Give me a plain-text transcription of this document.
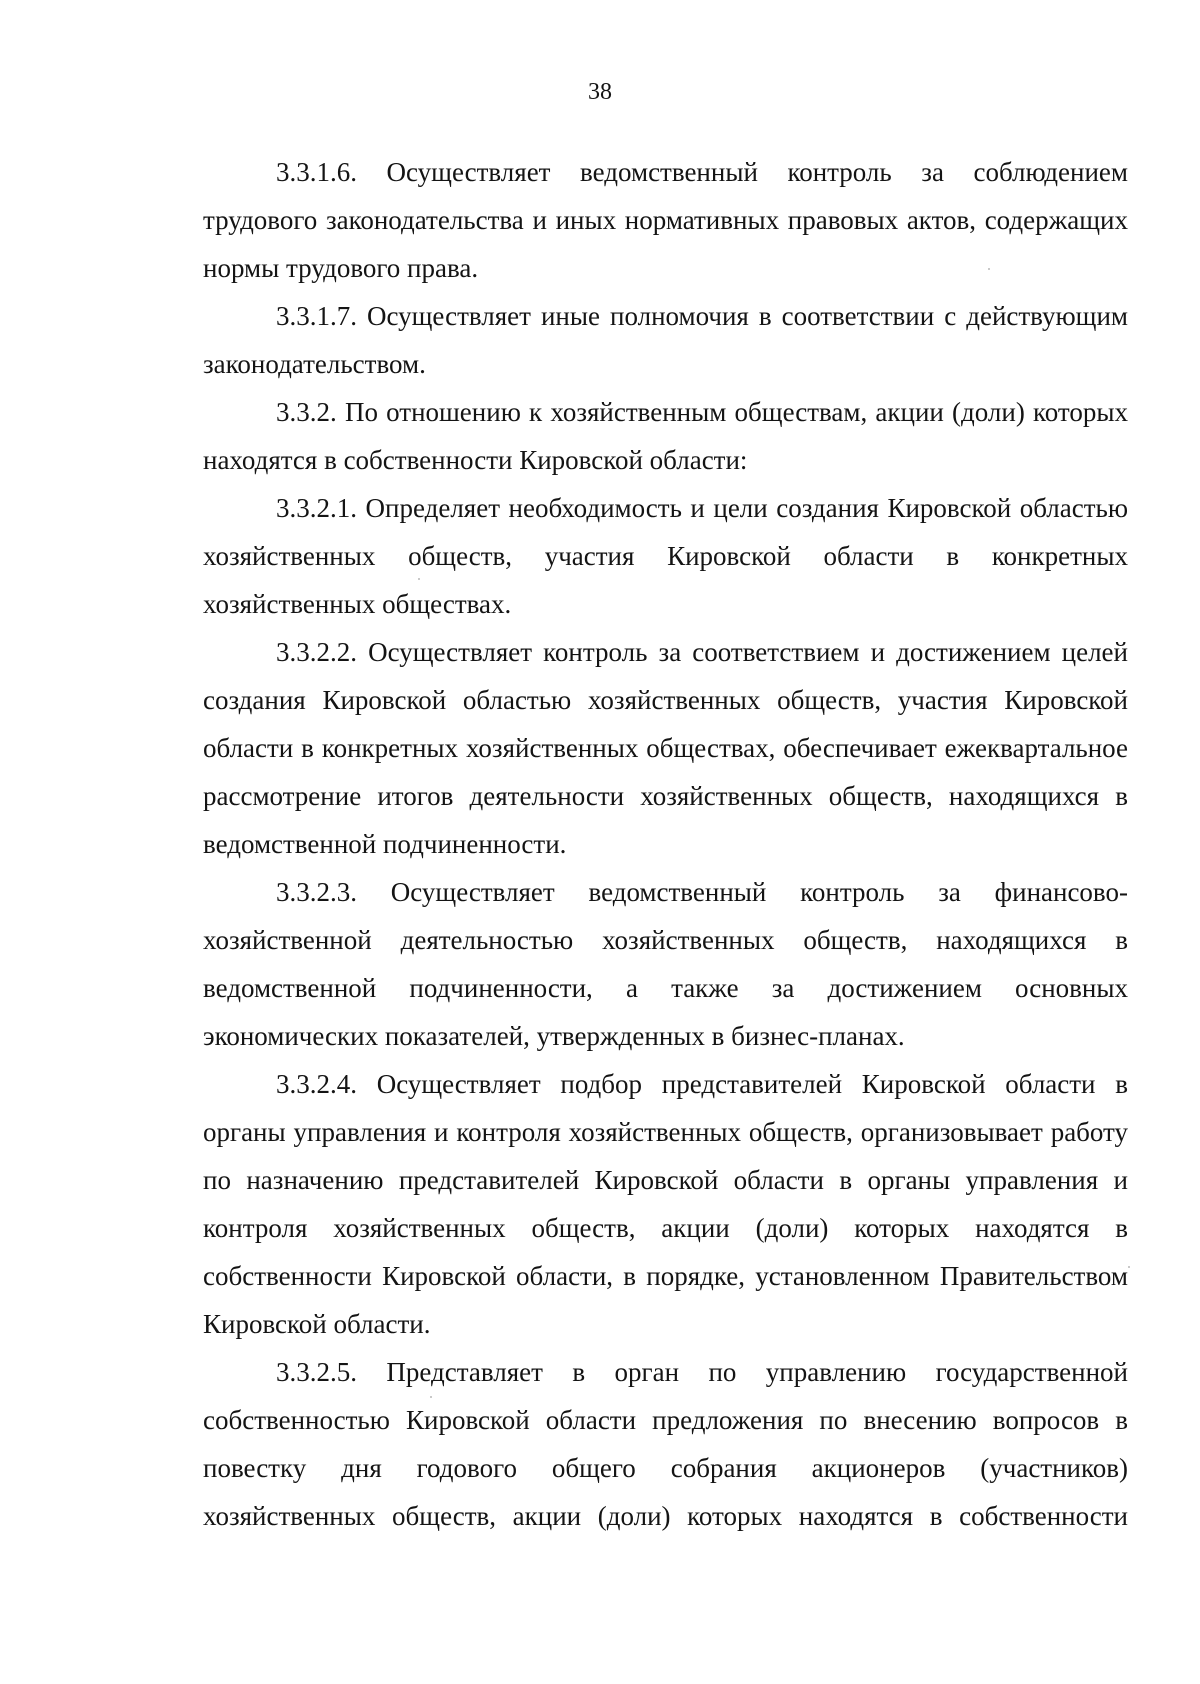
38

3.3.1.6. Осуществляет ведомственный контроль за соблюдением трудового законодательства и иных нормативных правовых актов, содержащих нормы трудового права.

3.3.1.7. Осуществляет иные полномочия в соответствии с действующим законодательством.

3.3.2. По отношению к хозяйственным обществам, акции (доли) которых находятся в собственности Кировской области:

3.3.2.1. Определяет необходимость и цели создания Кировской областью хозяйственных обществ, участия Кировской области в конкретных хозяйственных обществах.

3.3.2.2. Осуществляет контроль за соответствием и достижением целей создания Кировской областью хозяйственных обществ, участия Кировской области в конкретных хозяйственных обществах, обеспечивает ежеквартальное рассмотрение итогов деятельности хозяйственных обществ, находящихся в ведомственной подчиненности.

3.3.2.3. Осуществляет ведомственный контроль за финансово-хозяйственной деятельностью хозяйственных обществ, находящихся в ведомственной подчиненности, а также за достижением основных экономических показателей, утвержденных в бизнес-планах.

3.3.2.4. Осуществляет подбор представителей Кировской области в органы управления и контроля хозяйственных обществ, организовывает работу по назначению представителей Кировской области в органы управления и контроля хозяйственных обществ, акции (доли) которых находятся в собственности Кировской области, в порядке, установленном Правительством Кировской области.

3.3.2.5. Представляет в орган по управлению государственной собственностью Кировской области предложения по внесению вопросов в повестку дня годового общего собрания акционеров (участников) хозяйственных обществ, акции (доли) которых находятся в собственности
